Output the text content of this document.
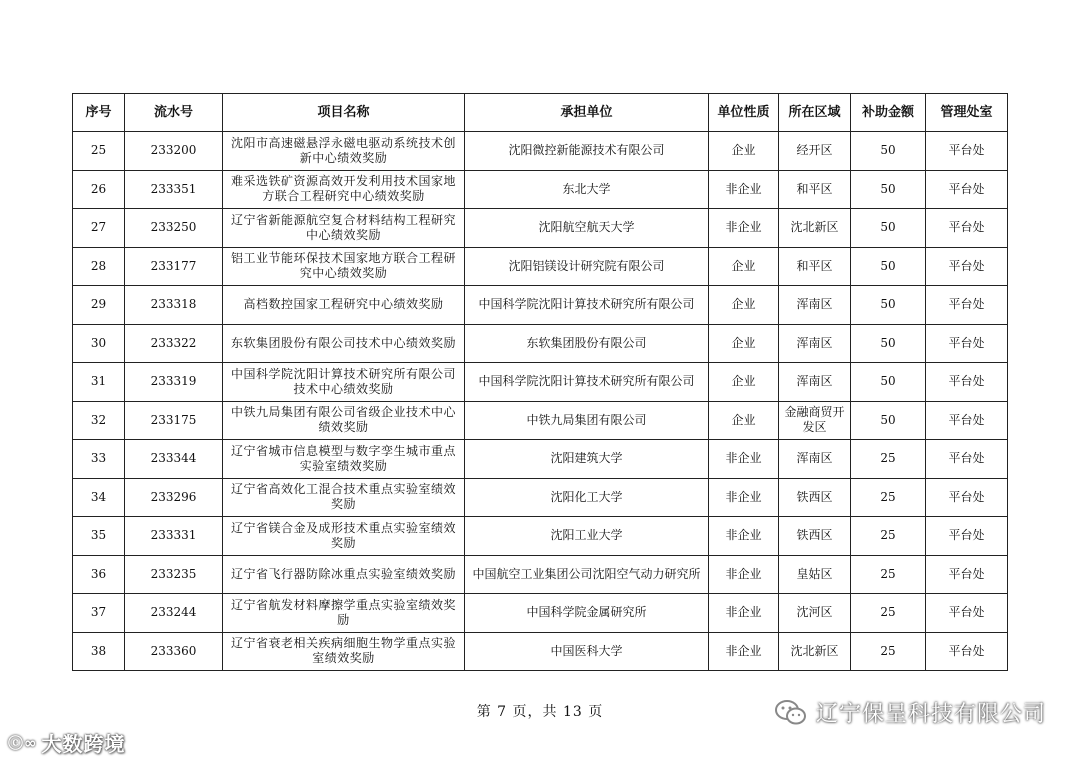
序号	流水号	项目名称	承担单位	单位性质	所在区域	补助金额	管理处室
25	233200	沈阳市高速磁悬浮永磁电驱动系统技术创新中心绩效奖励	沈阳微控新能源技术有限公司	企业	经开区	50	平台处
26	233351	难采选铁矿资源高效开发利用技术国家地方联合工程研究中心绩效奖励	东北大学	非企业	和平区	50	平台处
27	233250	辽宁省新能源航空复合材料结构工程研究中心绩效奖励	沈阳航空航天大学	非企业	沈北新区	50	平台处
28	233177	铝工业节能环保技术国家地方联合工程研究中心绩效奖励	沈阳铝镁设计研究院有限公司	企业	和平区	50	平台处
29	233318	高档数控国家工程研究中心绩效奖励	中国科学院沈阳计算技术研究所有限公司	企业	浑南区	50	平台处
30	233322	东软集团股份有限公司技术中心绩效奖励	东软集团股份有限公司	企业	浑南区	50	平台处
31	233319	中国科学院沈阳计算技术研究所有限公司技术中心绩效奖励	中国科学院沈阳计算技术研究所有限公司	企业	浑南区	50	平台处
32	233175	中铁九局集团有限公司省级企业技术中心绩效奖励	中铁九局集团有限公司	企业	金融商贸开发区	50	平台处
33	233344	辽宁省城市信息模型与数字孪生城市重点实验室绩效奖励	沈阳建筑大学	非企业	浑南区	25	平台处
34	233296	辽宁省高效化工混合技术重点实验室绩效奖励	沈阳化工大学	非企业	铁西区	25	平台处
35	233331	辽宁省镁合金及成形技术重点实验室绩效奖励	沈阳工业大学	非企业	铁西区	25	平台处
36	233235	辽宁省飞行器防除冰重点实验室绩效奖励	中国航空工业集团公司沈阳空气动力研究所	非企业	皇姑区	25	平台处
37	233244	辽宁省航发材料摩擦学重点实验室绩效奖励	中国科学院金属研究所	非企业	沈河区	25	平台处
38	233360	辽宁省衰老相关疾病细胞生物学重点实验室绩效奖励	中国医科大学	非企业	沈北新区	25	平台处
第 7 页，共 13 页
ⓒ∞ 大数跨境
辽宁保呈科技有限公司
